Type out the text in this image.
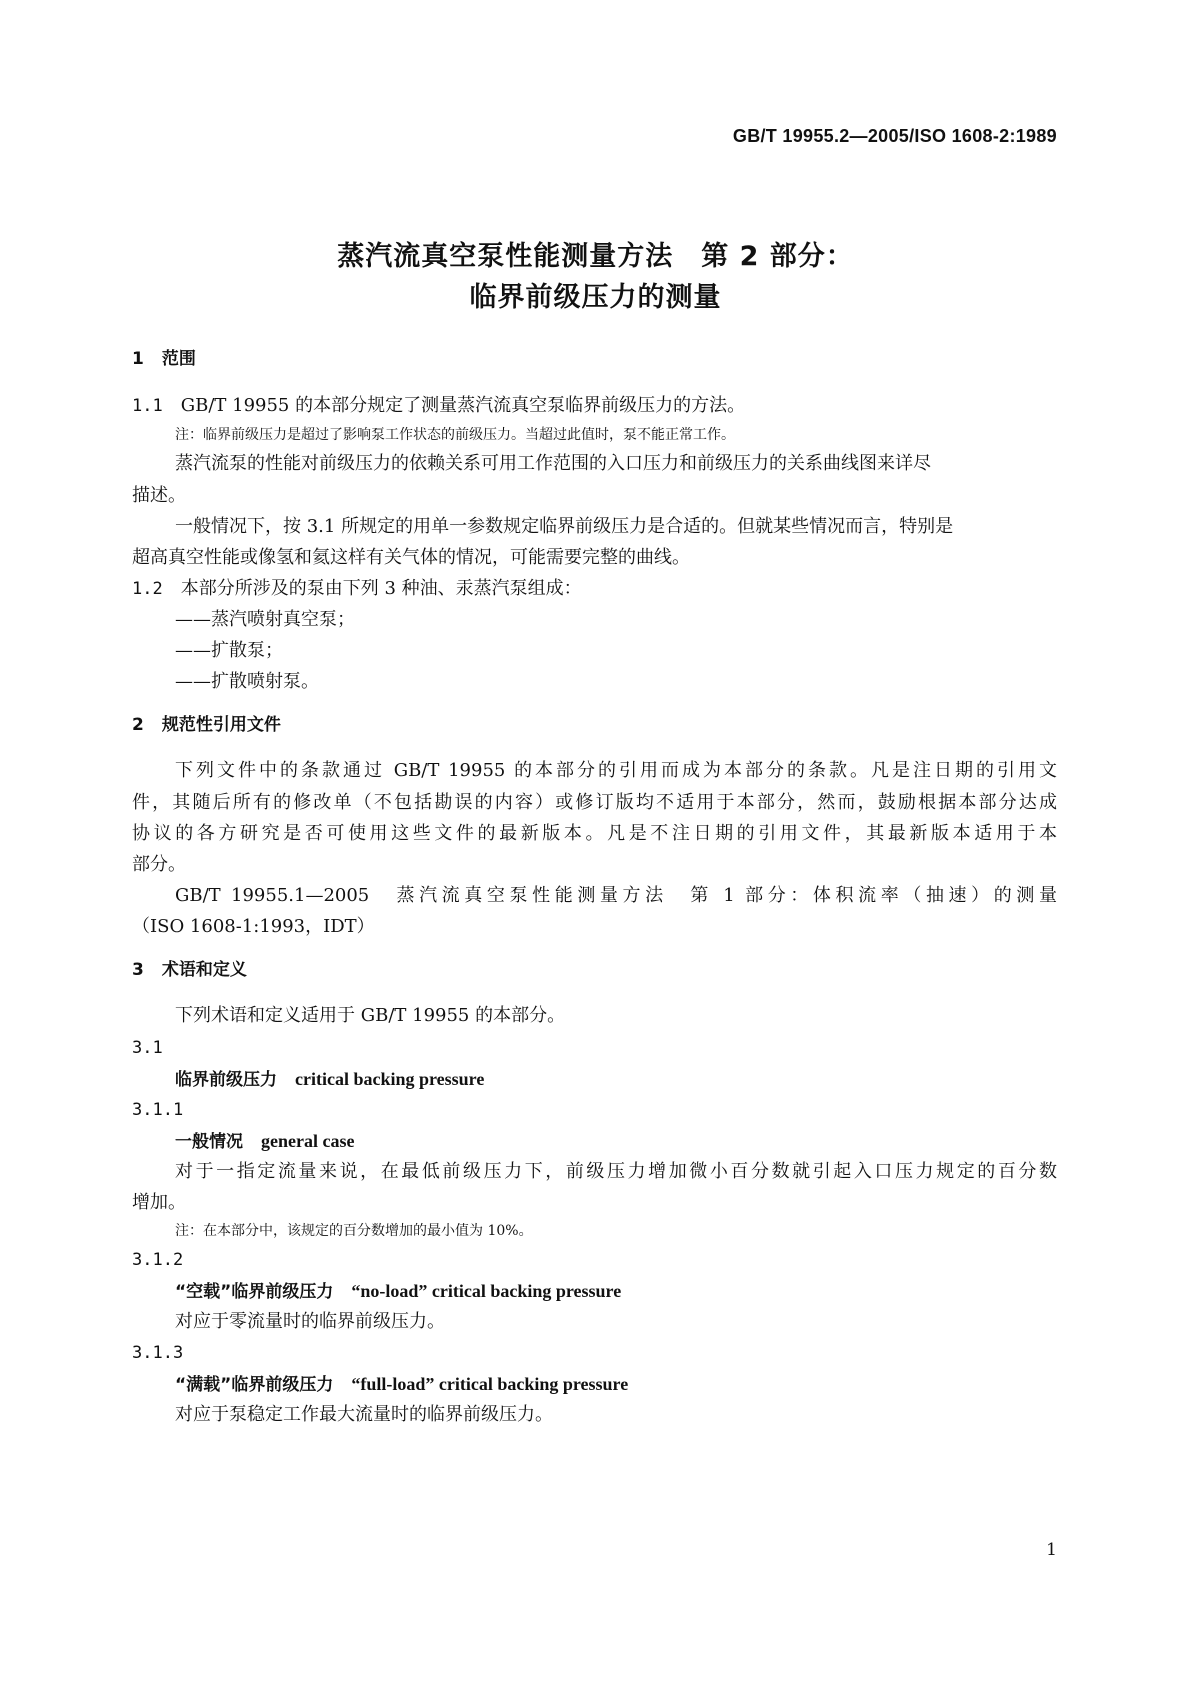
GB/T 19955.2—2005/ISO 1608-2:1989
蒸汽流真空泵性能测量方法　第 2 部分：
临界前级压力的测量
1 范围
1.1 GB/T 19955 的本部分规定了测量蒸汽流真空泵临界前级压力的方法。
注：临界前级压力是超过了影响泵工作状态的前级压力。当超过此值时，泵不能正常工作。
蒸汽流泵的性能对前级压力的依赖关系可用工作范围的入口压力和前级压力的关系曲线图来详尽
描述。
一般情况下，按 3.1 所规定的用单一参数规定临界前级压力是合适的。但就某些情况而言，特别是
超高真空性能或像氢和氦这样有关气体的情况，可能需要完整的曲线。
1.2 本部分所涉及的泵由下列 3 种油、汞蒸汽泵组成：
——蒸汽喷射真空泵；
——扩散泵；
——扩散喷射泵。
2 规范性引用文件
下列文件中的条款通过 GB/T 19955 的本部分的引用而成为本部分的条款。凡是注日期的引用文
件，其随后所有的修改单（不包括勘误的内容）或修订版均不适用于本部分，然而，鼓励根据本部分达成
协议的各方研究是否可使用这些文件的最新版本。凡是不注日期的引用文件，其最新版本适用于本
部分。
GB/T 19955.1—2005　蒸汽流真空泵性能测量方法　第 1 部分：体积流率（抽速）的测量
（ISO 1608-1:1993，IDT）
3 术语和定义
下列术语和定义适用于 GB/T 19955 的本部分。
3.1
临界前级压力 critical backing pressure
3.1.1
一般情况 general case
对于一指定流量来说，在最低前级压力下，前级压力增加微小百分数就引起入口压力规定的百分数
增加。
注：在本部分中，该规定的百分数增加的最小值为 10%。
3.1.2
“空载”临界前级压力 “no-load” critical backing pressure
对应于零流量时的临界前级压力。
3.1.3
“满载”临界前级压力 “full-load” critical backing pressure
对应于泵稳定工作最大流量时的临界前级压力。
1
